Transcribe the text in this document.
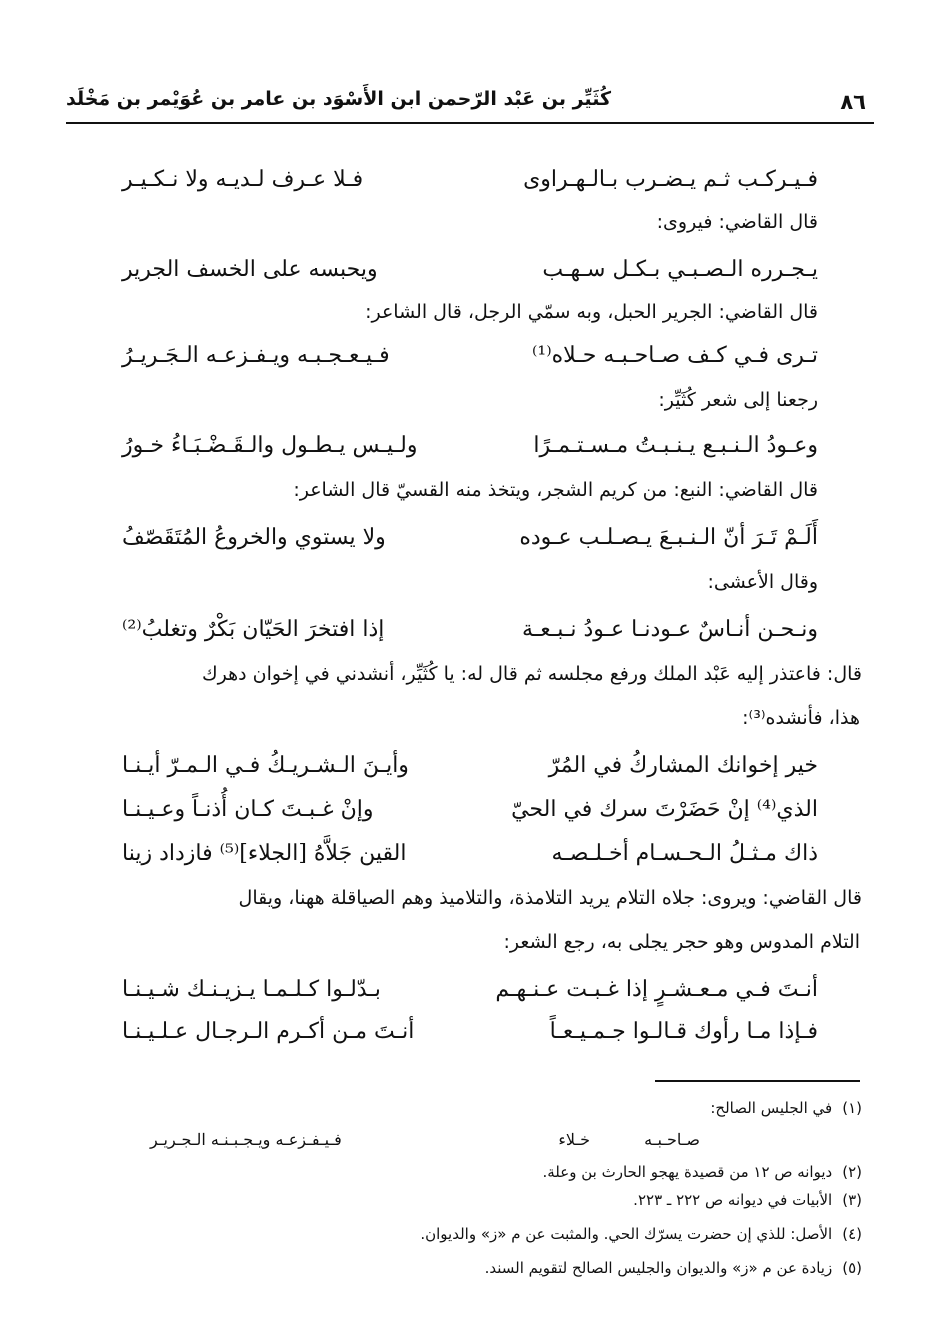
٨٦
كُثَيِّر بن عَبْد الرّحمن ابن الأَسْوَد بن عامر بن عُوَيْمر بن مَخْلَد
فـيـركـب ثـم يـضـرب بـالـهـراوى
فـلا عـرف لـديـه ولا نـكـيـر
قال القاضي: فيروى:
يـجـرره الـصـبـي بـكـل سـهـب
ويحبسه على الخسف الجرير
قال القاضي: الجرير الحبل، وبه سمّي الرجل، قال الشاعر:
تـرى فـي كـف صـاحـبـه حـلاه⁽¹⁾
فـيـعـجـبـه ويـفـزعـه الـجَـريـرُ
رجعنا إلى شعر كُثَيِّر:
وعـودُ الـنـبـع يـنـبـتُ مـسـتـمـرًا
ولـيـس يـطـول والـقَـضْـبَـاءُ خـورُ
قال القاضي: النبع: من كريم الشجر، ويتخذ منه القسيّ قال الشاعر:
أَلَـمْ تَـرَ أنّ الـنـبـعَ يـصـلـب عـوده
ولا يستوي والخروعُ المُتَقَصّفُ
وقال الأعشى:
ونـحـن أنـاسٌ عـودنـا عـودُ نـبـعـة
إذا افتخرَ الحَيّان بَكْرٌ وتغلبُ⁽²⁾
قال: فاعتذر إليه عَبْد الملك ورفع مجلسه ثم قال له: يا كُثَيِّر، أنشدني في إخوان دهرك
هذا، فأنشده⁽³⁾:
خير إخوانك المشاركُ في المُرّ
وأيـنَ الـشـريـكُ فـي الـمـرّ أيـنـا
الذي⁽⁴⁾ إنْ حَضَرْتَ سرك في الحيّ
وإنْ غـبـتَ كـان أُذنـاً وعـيـنـا
ذاك مـثـلُ الـحـسـام أخـلـصـه
القين جَلاَّهُ [الجلاء]⁽⁵⁾ فازداد زينا
قال القاضي: ويروى: جلاه التلام يريد التلامذة، والتلاميذ وهم الصياقلة ههنا، ويقال
التلام المدوس وهو حجر يجلى به، رجع الشعر:
أنـتَ فـي مـعـشـرٍ إذا غـبـت عـنـهـم
بـدّلـوا كـلـمـا يـزيـنـك شـيـنـا
فـإذا مـا رأوك قـالـوا جـمـيـعـاً
أنـتَ مـن أكـرم الـرجـال عـلـيـنـا
(١)في الجليس الصالح:
صـاحـبـه
خـلاء
فـيـفـزعـه ويـجـبـنـه الـجـريـر
(٢)ديوانه ص ١٢ من قصيدة يهجو الحارث بن وعلة.
(٣)الأبيات في ديوانه ص ٢٢٢ ـ ٢٢٣.
(٤)الأصل: للذي إن حضرت يسرّك الحي. والمثبت عن م «ز» والديوان.
(٥)زيادة عن م «ز» والديوان والجليس الصالح لتقويم السند.
